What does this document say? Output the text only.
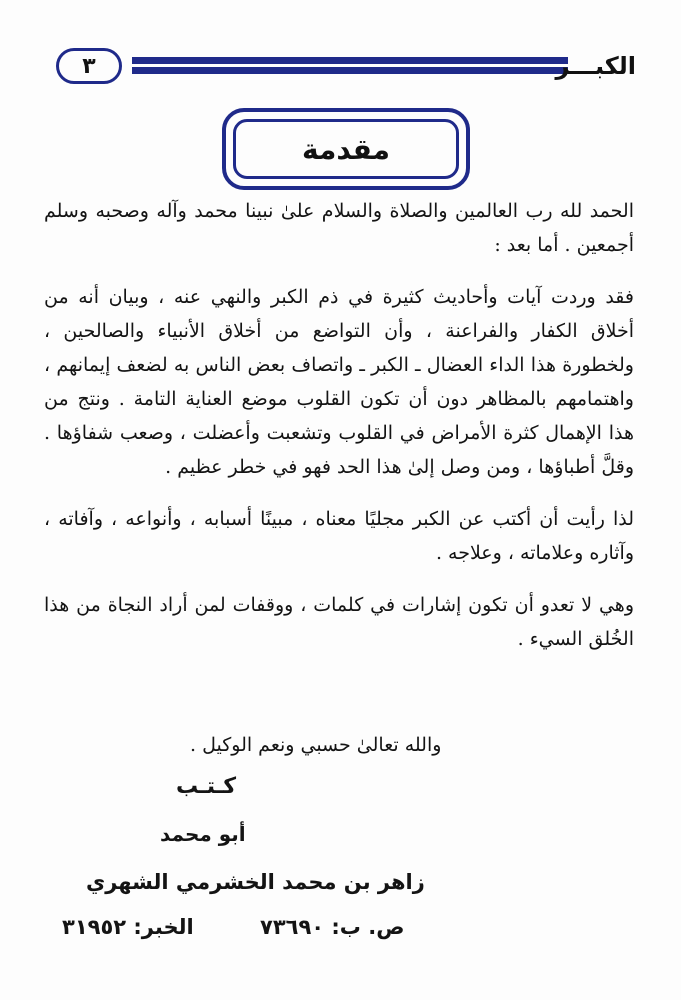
٣	الكبـــر
مقدمة

الحمد لله رب العالمين والصلاة والسلام علىٰ نبينا محمد وآله وصحبه وسلم أجمعين . أما بعد :

فقد وردت آيات وأحاديث كثيرة في ذم الكبر والنهي عنه ، وبيان أنه من أخلاق الكفار والفراعنة ، وأن التواضع من أخلاق الأنبياء والصالحين ، ولخطورة هذا الداء العضال ـ الكبر ـ واتصاف بعض الناس به لضعف إيمانهم ، واهتمامهم بالمظاهر دون أن تكون القلوب موضع العناية التامة . ونتج من هذا الإهمال كثرة الأمراض في القلوب وتشعبت وأعضلت ، وصعب شفاؤها . وقلَّ أطباؤها ، ومن وصل إلىٰ هذا الحد فهو في خطر عظيم .

لذا رأيت أن أكتب عن الكبر مجليًا معناه ، مبينًا أسبابه ، وأنواعه ، وآفاته ، وآثاره وعلاماته ، وعلاجه .

وهي لا تعدو أن تكون إشارات في كلمات ، ووقفات لمن أراد النجاة من هذا الخُلق السيء .

والله تعالىٰ حسبي ونعم الوكيل .
كـتـب
أبو محمد
زاهر بن محمد الخشرمي الشهري
ص. ب: ٧٣٦٩٠
الخبر: ٣١٩٥٢
